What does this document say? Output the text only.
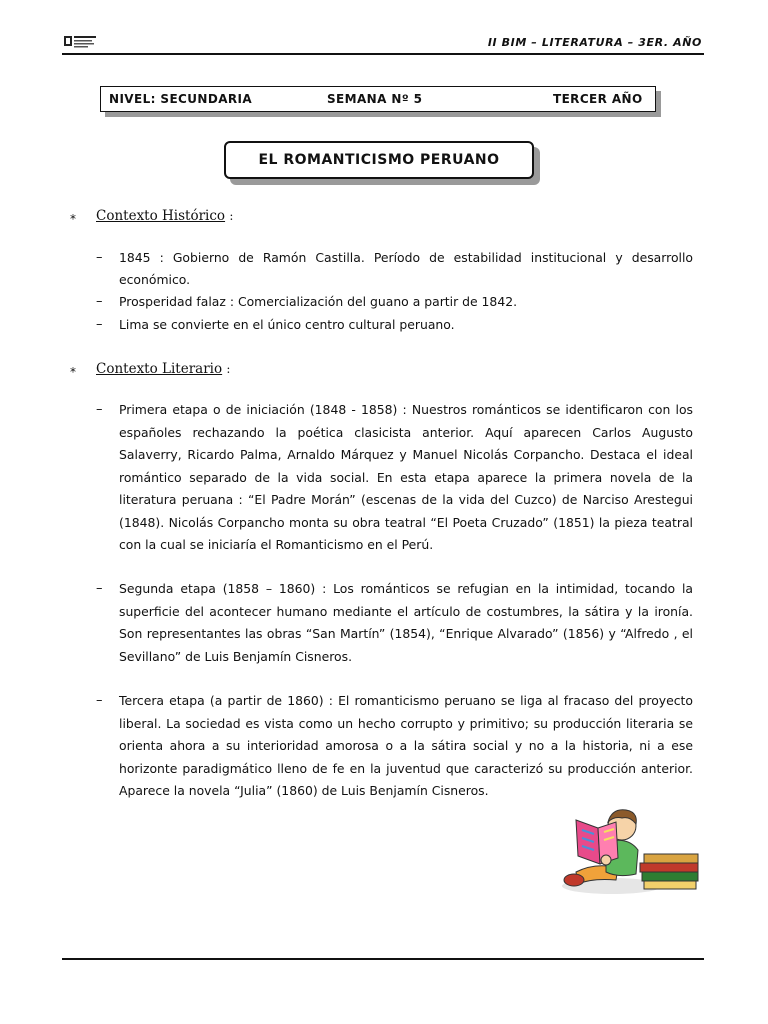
II BIM – LITERATURA – 3ER. AÑO
NIVEL: SECUNDARIA	SEMANA Nº 5	TERCER AÑO
EL ROMANTICISMO PERUANO
* Contexto Histórico :
– 1845 : Gobierno de Ramón Castilla. Período de estabilidad institucional y desarrollo
económico.
– Prosperidad falaz : Comercialización del guano a partir de 1842.
– Lima se convierte en el único centro cultural peruano.
* Contexto Literario :
– Primera etapa o de iniciación (1848 - 1858) : Nuestros románticos se identificaron con los españoles rechazando la poética clasicista anterior. Aquí aparecen Carlos Augusto Salaverry, Ricardo Palma, Arnaldo Márquez y Manuel Nicolás Corpancho. Destaca el ideal romántico separado de la vida social. En esta etapa aparece la primera novela de la literatura peruana : “El Padre Morán” (escenas de la vida del Cuzco) de Narciso Arestegui (1848). Nicolás Corpancho monta su obra teatral “El Poeta Cruzado” (1851) la pieza teatral con la cual se iniciaría el Romanticismo en el Perú.
– Segunda etapa (1858 – 1860) : Los románticos se refugian en la intimidad, tocando la superficie del acontecer humano mediante el artículo de costumbres, la sátira y la ironía. Son representantes las obras “San Martín” (1854), “Enrique Alvarado” (1856) y “Alfredo , el Sevillano” de Luis Benjamín Cisneros.
– Tercera etapa (a partir de 1860) : El romanticismo peruano se liga al fracaso del proyecto liberal. La sociedad es vista como un hecho corrupto y primitivo; su producción literaria se orienta ahora a su interioridad amorosa o a la sátira social y no a la historia, ni a ese horizonte paradigmático lleno de fe en la juventud que caracterizó su producción anterior. Aparece la novela “Julia” (1860) de Luis Benjamín Cisneros.
